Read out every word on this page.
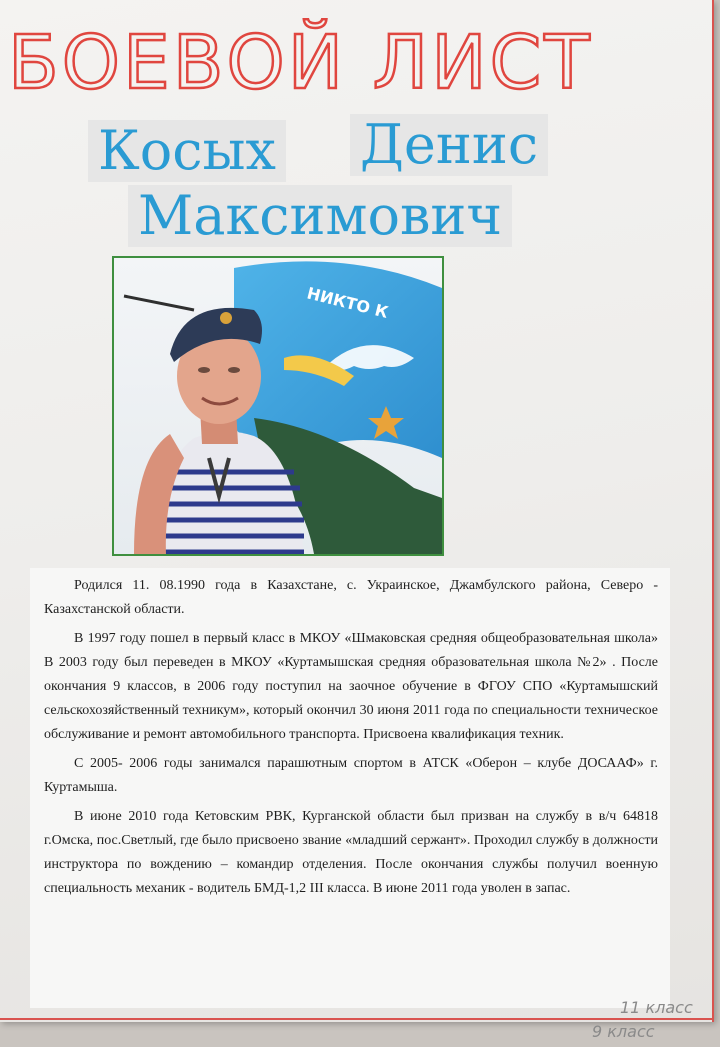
БОЕВОЙ ЛИСТ
Косых Денис
Максимович
НИКТО К

Родился 11. 08.1990 года в Казахстане, с. Украинское, Джамбулского района, Северо - Казахстанской области.

В 1997 году пошел в первый класс в МКОУ «Шмаковская средняя общеобразовательная школа» В 2003 году был переведен в МКОУ «Куртамышская средняя образовательная школа №2» . После окончания 9 классов, в 2006 году поступил на заочное обучение в ФГОУ СПО «Куртамышский сельскохозяйственный техникум», который окончил 30 июня 2011 года по специальности техническое обслуживание и ремонт автомобильного транспорта. Присвоена квалификация техник.

С 2005- 2006 годы занимался парашютным спортом в АТСК «Оберон – клубе ДОСААФ» г. Куртамыша.

В июне 2010 года Кетовским РВК, Курганской области был призван на службу в в/ч 64818 г.Омска, пос.Светлый, где было присвоено звание «младший сержант». Проходил службу в должности инструктора по вождению – командир отделения. После окончания службы получил военную специальность механик - водитель БМД-1,2 III класса. В июне 2011 года уволен в запас.

11 класс
9 класс
